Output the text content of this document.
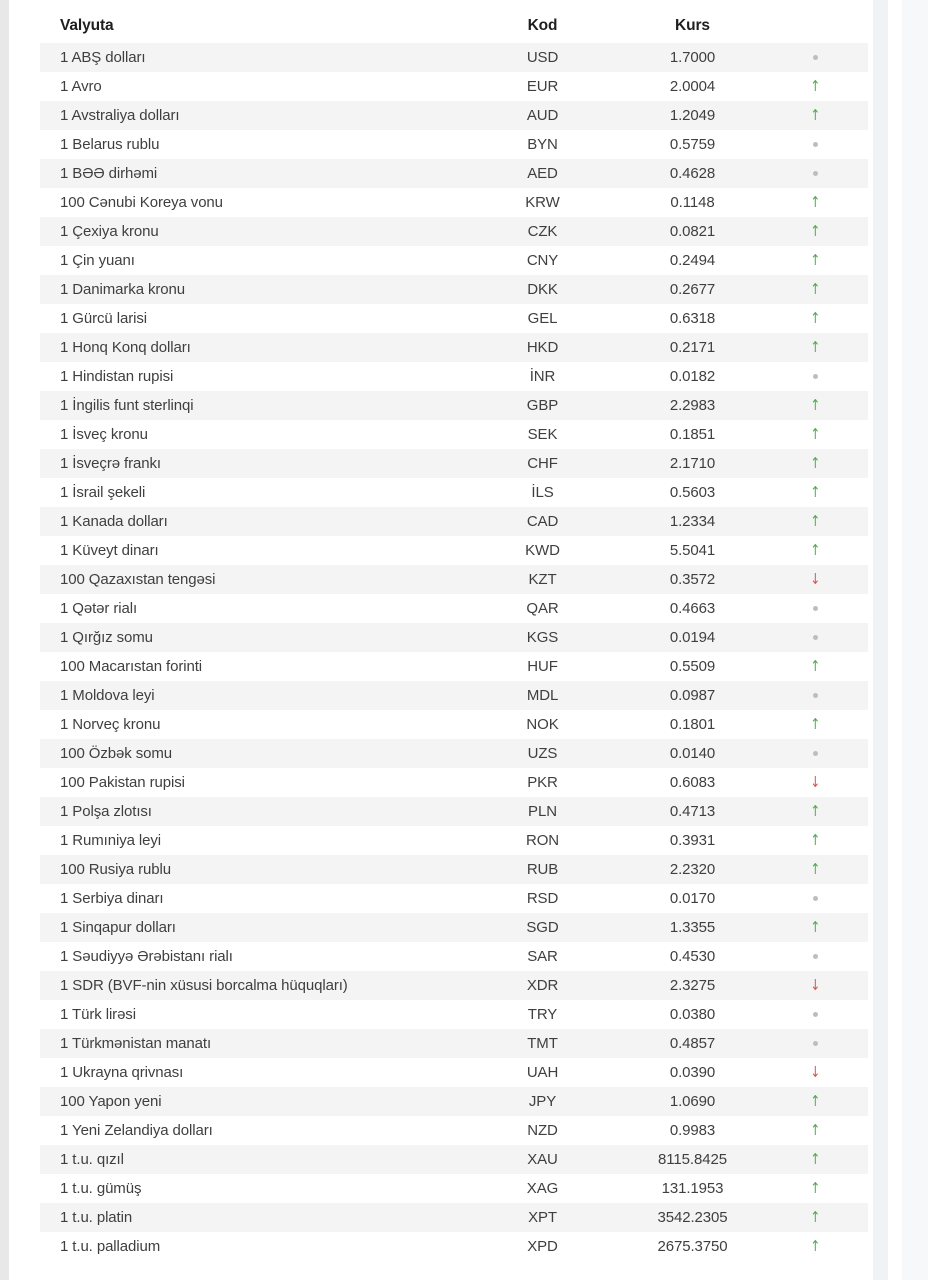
Valyuta	Kod	Kurs
1 ABŞ dolları	USD	1.7000
1 Avro	EUR	2.0004	↑
1 Avstraliya dolları	AUD	1.2049	↑
1 Belarus rublu	BYN	0.5759
1 BƏƏ dirhəmi	AED	0.4628
100 Cənubi Koreya vonu	KRW	0.1148	↑
1 Çexiya kronu	CZK	0.0821	↑
1 Çin yuanı	CNY	0.2494	↑
1 Danimarka kronu	DKK	0.2677	↑
1 Gürcü larisi	GEL	0.6318	↑
1 Honq Konq dolları	HKD	0.2171	↑
1 Hindistan rupisi	İNR	0.0182
1 İngilis funt sterlinqi	GBP	2.2983	↑
1 İsveç kronu	SEK	0.1851	↑
1 İsveçrə frankı	CHF	2.1710	↑
1 İsrail şekeli	İLS	0.5603	↑
1 Kanada dolları	CAD	1.2334	↑
1 Küveyt dinarı	KWD	5.5041	↑
100 Qazaxıstan tengəsi	KZT	0.3572	↓
1 Qətər rialı	QAR	0.4663
1 Qırğız somu	KGS	0.0194
100 Macarıstan forinti	HUF	0.5509	↑
1 Moldova leyi	MDL	0.0987
1 Norveç kronu	NOK	0.1801	↑
100 Özbək somu	UZS	0.0140
100 Pakistan rupisi	PKR	0.6083	↓
1 Polşa zlotısı	PLN	0.4713	↑
1 Rumıniya leyi	RON	0.3931	↑
100 Rusiya rublu	RUB	2.2320	↑
1 Serbiya dinarı	RSD	0.0170
1 Sinqapur dolları	SGD	1.3355	↑
1 Səudiyyə Ərəbistanı rialı	SAR	0.4530
1 SDR (BVF-nin xüsusi borcalma hüquqları)	XDR	2.3275	↓
1 Türk lirəsi	TRY	0.0380
1 Türkmənistan manatı	TMT	0.4857
1 Ukrayna qrivnası	UAH	0.0390	↓
100 Yapon yeni	JPY	1.0690	↑
1 Yeni Zelandiya dolları	NZD	0.9983	↑
1 t.u. qızıl	XAU	8115.8425	↑
1 t.u. gümüş	XAG	131.1953	↑
1 t.u. platin	XPT	3542.2305	↑
1 t.u. palladium	XPD	2675.3750	↑
